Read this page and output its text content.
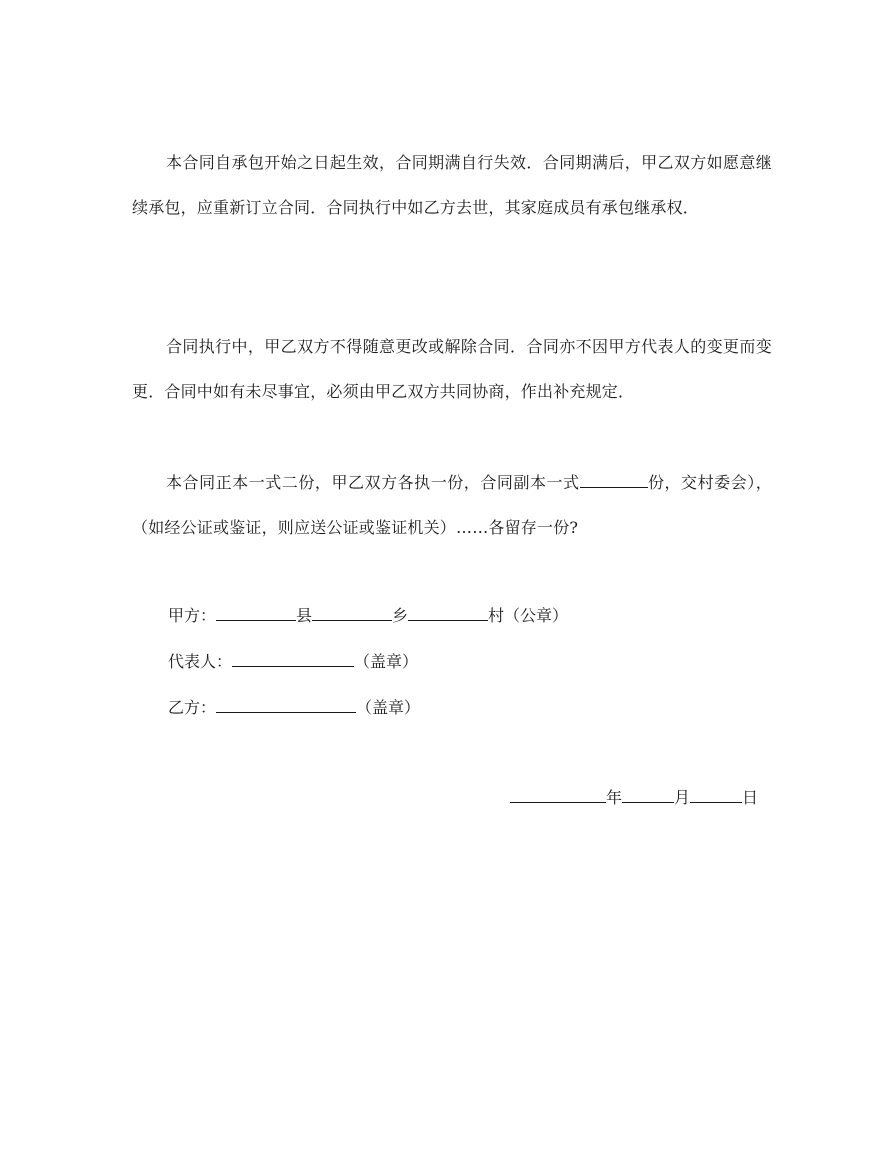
本合同自承包开始之日起生效，合同期满自行失效．合同期满后，甲乙双方如愿意继续承包，应重新订立合同．合同执行中如乙方去世，其家庭成员有承包继承权．

合同执行中，甲乙双方不得随意更改或解除合同．合同亦不因甲方代表人的变更而变更．合同中如有未尽事宜，必须由甲乙双方共同协商，作出补充规定．

本合同正本一式二份，甲乙双方各执一份，合同副本一式	份，交村委会），（如经公证或鉴证，则应送公证或鉴证机关）……各留存一份?

甲方：	县	乡	村（公章）

代表人：	（盖章）

乙方：	（盖章）

年	月	日
